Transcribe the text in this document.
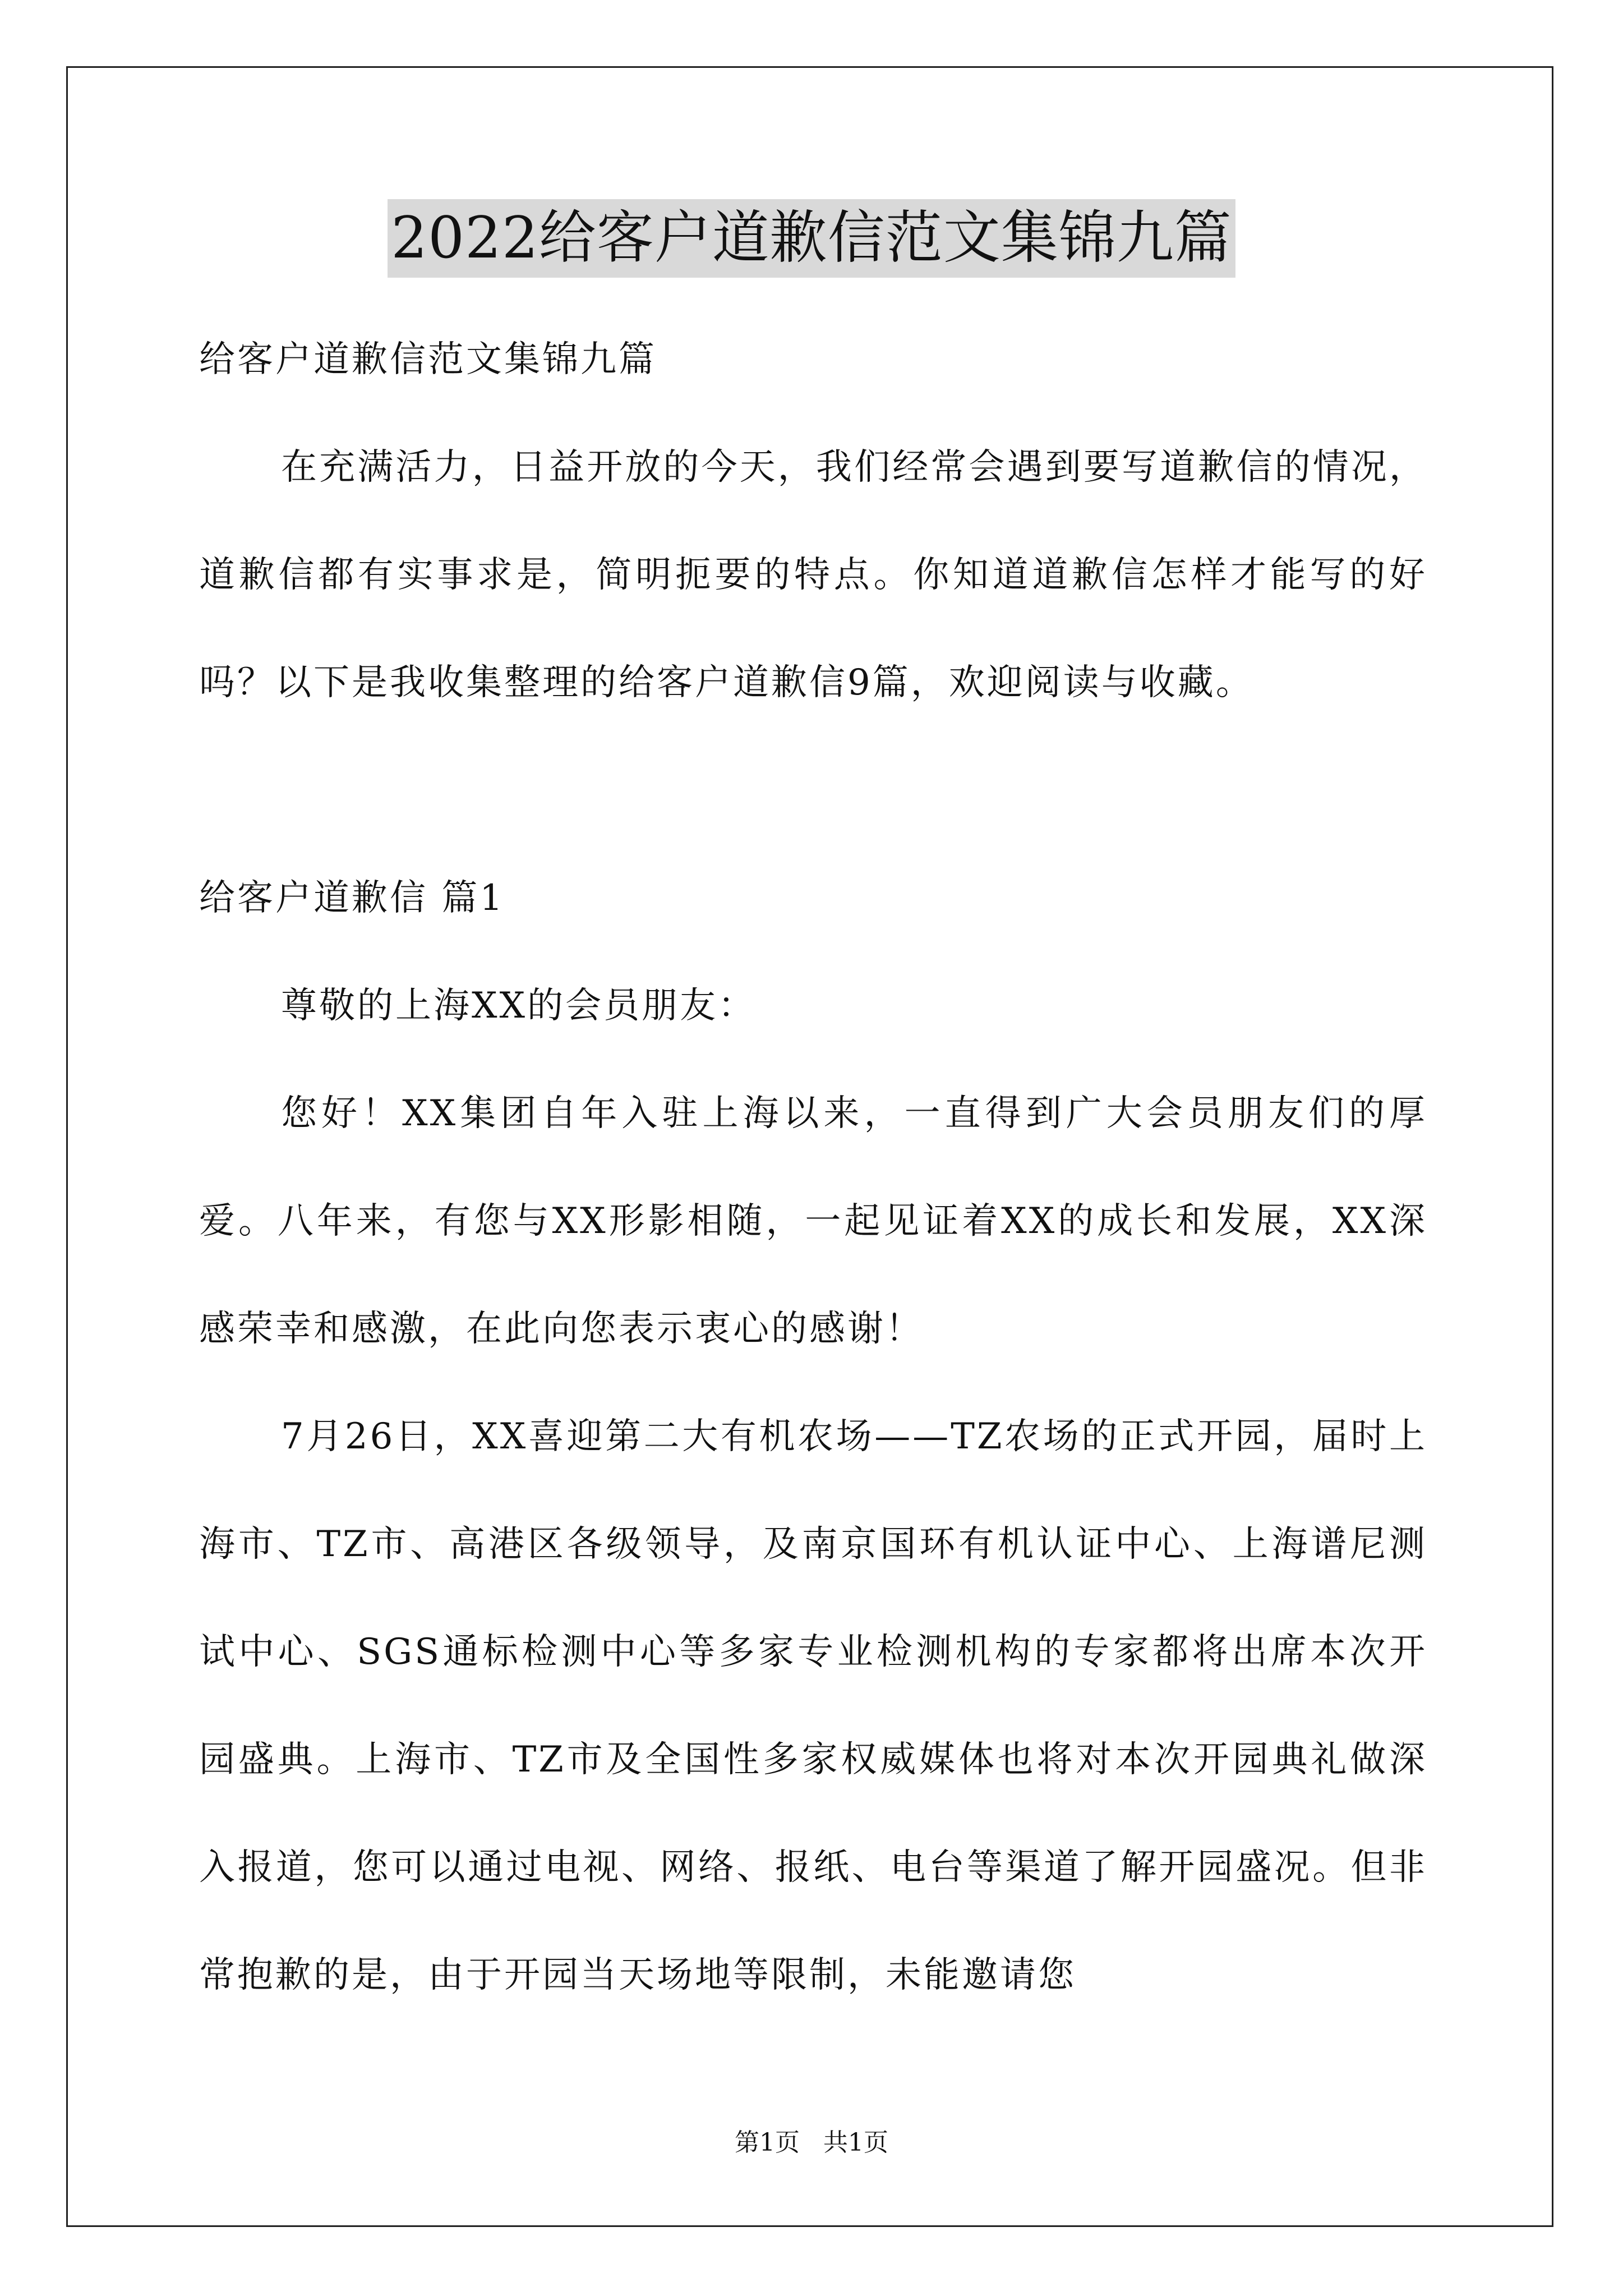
2022给客户道歉信范文集锦九篇

给客户道歉信范文集锦九篇

在充满活力，日益开放的今天，我们经常会遇到要写道歉信的情况，道歉信都有实事求是，简明扼要的特点。你知道道歉信怎样才能写的好吗？以下是我收集整理的给客户道歉信9篇，欢迎阅读与收藏。

给客户道歉信 篇1

尊敬的上海XX的会员朋友：

您好！XX集团自年入驻上海以来，一直得到广大会员朋友们的厚爱。八年来，有您与XX形影相随，一起见证着XX的成长和发展，XX深感荣幸和感激，在此向您表示衷心的感谢！

7月26日，XX喜迎第二大有机农场——TZ农场的正式开园，届时上海市、TZ市、高港区各级领导，及南京国环有机认证中心、上海谱尼测试中心、SGS通标检测中心等多家专业检测机构的专家都将出席本次开园盛典。上海市、TZ市及全国性多家权威媒体也将对本次开园典礼做深入报道，您可以通过电视、网络、报纸、电台等渠道了解开园盛况。但非常抱歉的是，由于开园当天场地等限制，未能邀请您

第1页   共1页
